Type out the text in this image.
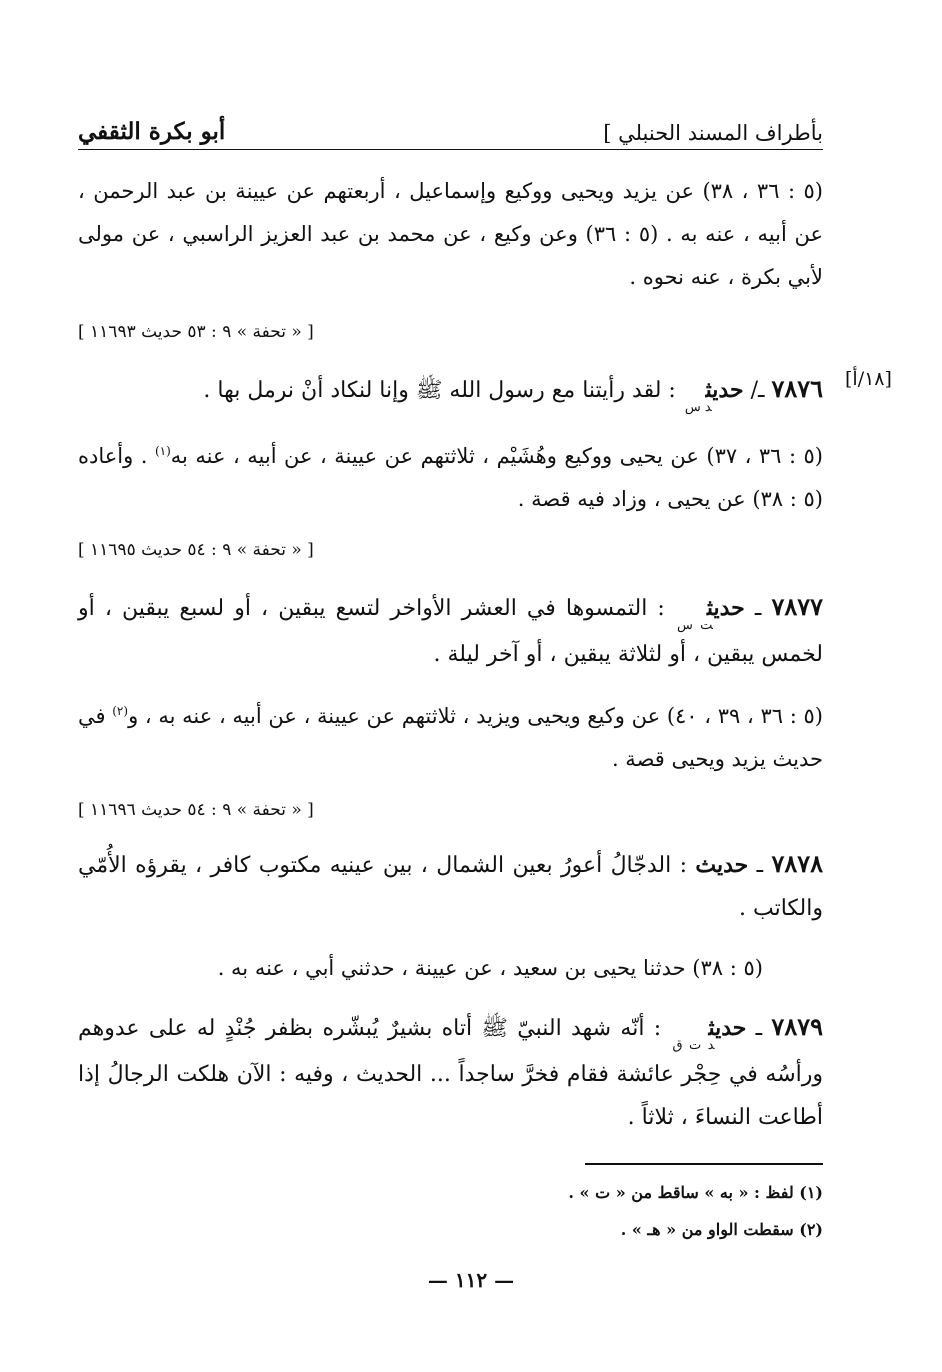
بأطراف المسند الحنبلي ]
أبو بكرة الثقفي
(٥ : ٣٦ ، ٣٨) عن يزيد ويحيى ووكيع وإسماعيل ، أربعتهم عن عيينة بن عبد الرحمن ، عن أبيه ، عنه به . (٥ : ٣٦) وعن وكيع ، عن محمد بن عبد العزيز الراسبي ، عن مولى لأبي بكرة ، عنه نحوه .
[ « تحفة » ٩ : ٥٣ حديث ١١٦٩٣ ]
[١٨/أ]
٧٨٧٦ ـ/ حديث$_{د س}$ : لقد رأيتنا مع رسول الله ﷺ وإنا لنكاد أنْ نرمل بها .
(٥ : ٣٦ ، ٣٧) عن يحيى ووكيع وهُشَيْم ، ثلاثتهم عن عيينة ، عن أبيه ، عنه به$^{(١)}$ . وأعاده (٥ : ٣٨) عن يحيى ، وزاد فيه قصة .
[ « تحفة » ٩ : ٥٤ حديث ١١٦٩٥ ]
٧٨٧٧ ـ حديث$_{ت س}$ : التمسوها في العشر الأواخر لتسع يبقين ، أو لسبع يبقين ، أو لخمس يبقين ، أو لثلاثة يبقين ، أو آخر ليلة .
(٥ : ٣٦ ، ٣٩ ، ٤٠) عن وكيع ويحيى ويزيد ، ثلاثتهم عن عيينة ، عن أبيه ، عنه به ، و$^{(٢)}$ في حديث يزيد ويحيى قصة .
[ « تحفة » ٩ : ٥٤ حديث ١١٦٩٦ ]
٧٨٧٨ ـ حديث : الدجّالُ أعورُ بعين الشمال ، بين عينيه مكتوب كافر ، يقرؤه الأُمّي والكاتب .
(٥ : ٣٨) حدثنا يحيى بن سعيد ، عن عيينة ، حدثني أبي ، عنه به .
٧٨٧٩ ـ حديث$_{د ت ق}$ : أنّه شهد النبيّ ﷺ أتاه بشيرٌ يُبشّره بظفر جُنْدٍ له على عدوهم ورأسُه في حِجْر عائشة فقام فخرَّ ساجداً ... الحديث ، وفيه : الآن هلكت الرجالُ إذا أطاعت النساءَ ، ثلاثاً .
(١) لفظ : « به » ساقط من « ت » .
(٢) سقطت الواو من « هـ » .
— ١١٢ —
